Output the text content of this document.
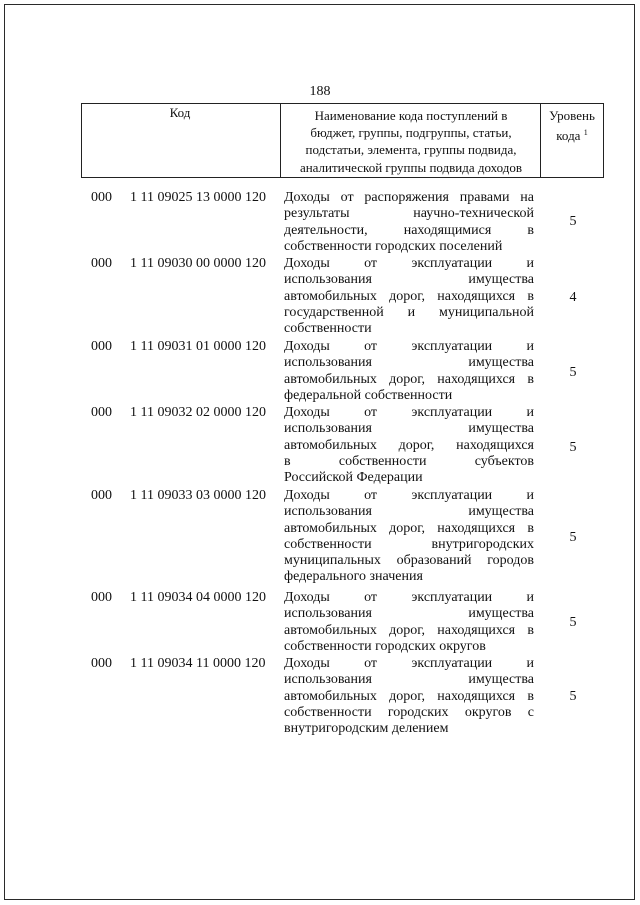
188
Код	Наименование кода поступлений в
бюджет, группы, подгруппы, статьи,
подстатьи, элемента, группы подвида,
аналитической группы подвида доходов
Уровень
кода $^1$
000 1 11 09025 13 0000 120 Доходы от распоряжения правами на
результаты научно-технической
деятельности, находящимися в
собственности городских поселений
5
000 1 11 09030 00 0000 120 Доходы от эксплуатации и
использования имущества
автомобильных дорог, находящихся в
государственной и муниципальной
собственности
4
000 1 11 09031 01 0000 120 Доходы от эксплуатации и
использования имущества
автомобильных дорог, находящихся в
федеральной собственности
5
000 1 11 09032 02 0000 120 Доходы от эксплуатации и
использования имущества
автомобильных дорог, находящихся
в собственности субъектов
Российской Федерации
5
000 1 11 09033 03 0000 120 Доходы от эксплуатации и
использования имущества
автомобильных дорог, находящихся в
собственности внутригородских
муниципальных образований городов
федерального значения
5
000 1 11 09034 04 0000 120 Доходы от эксплуатации и
использования имущества
автомобильных дорог, находящихся в
собственности городских округов
5
000 1 11 09034 11 0000 120 Доходы от эксплуатации и
использования имущества
автомобильных дорог, находящихся в
собственности городских округов с
внутригородским делением
5
